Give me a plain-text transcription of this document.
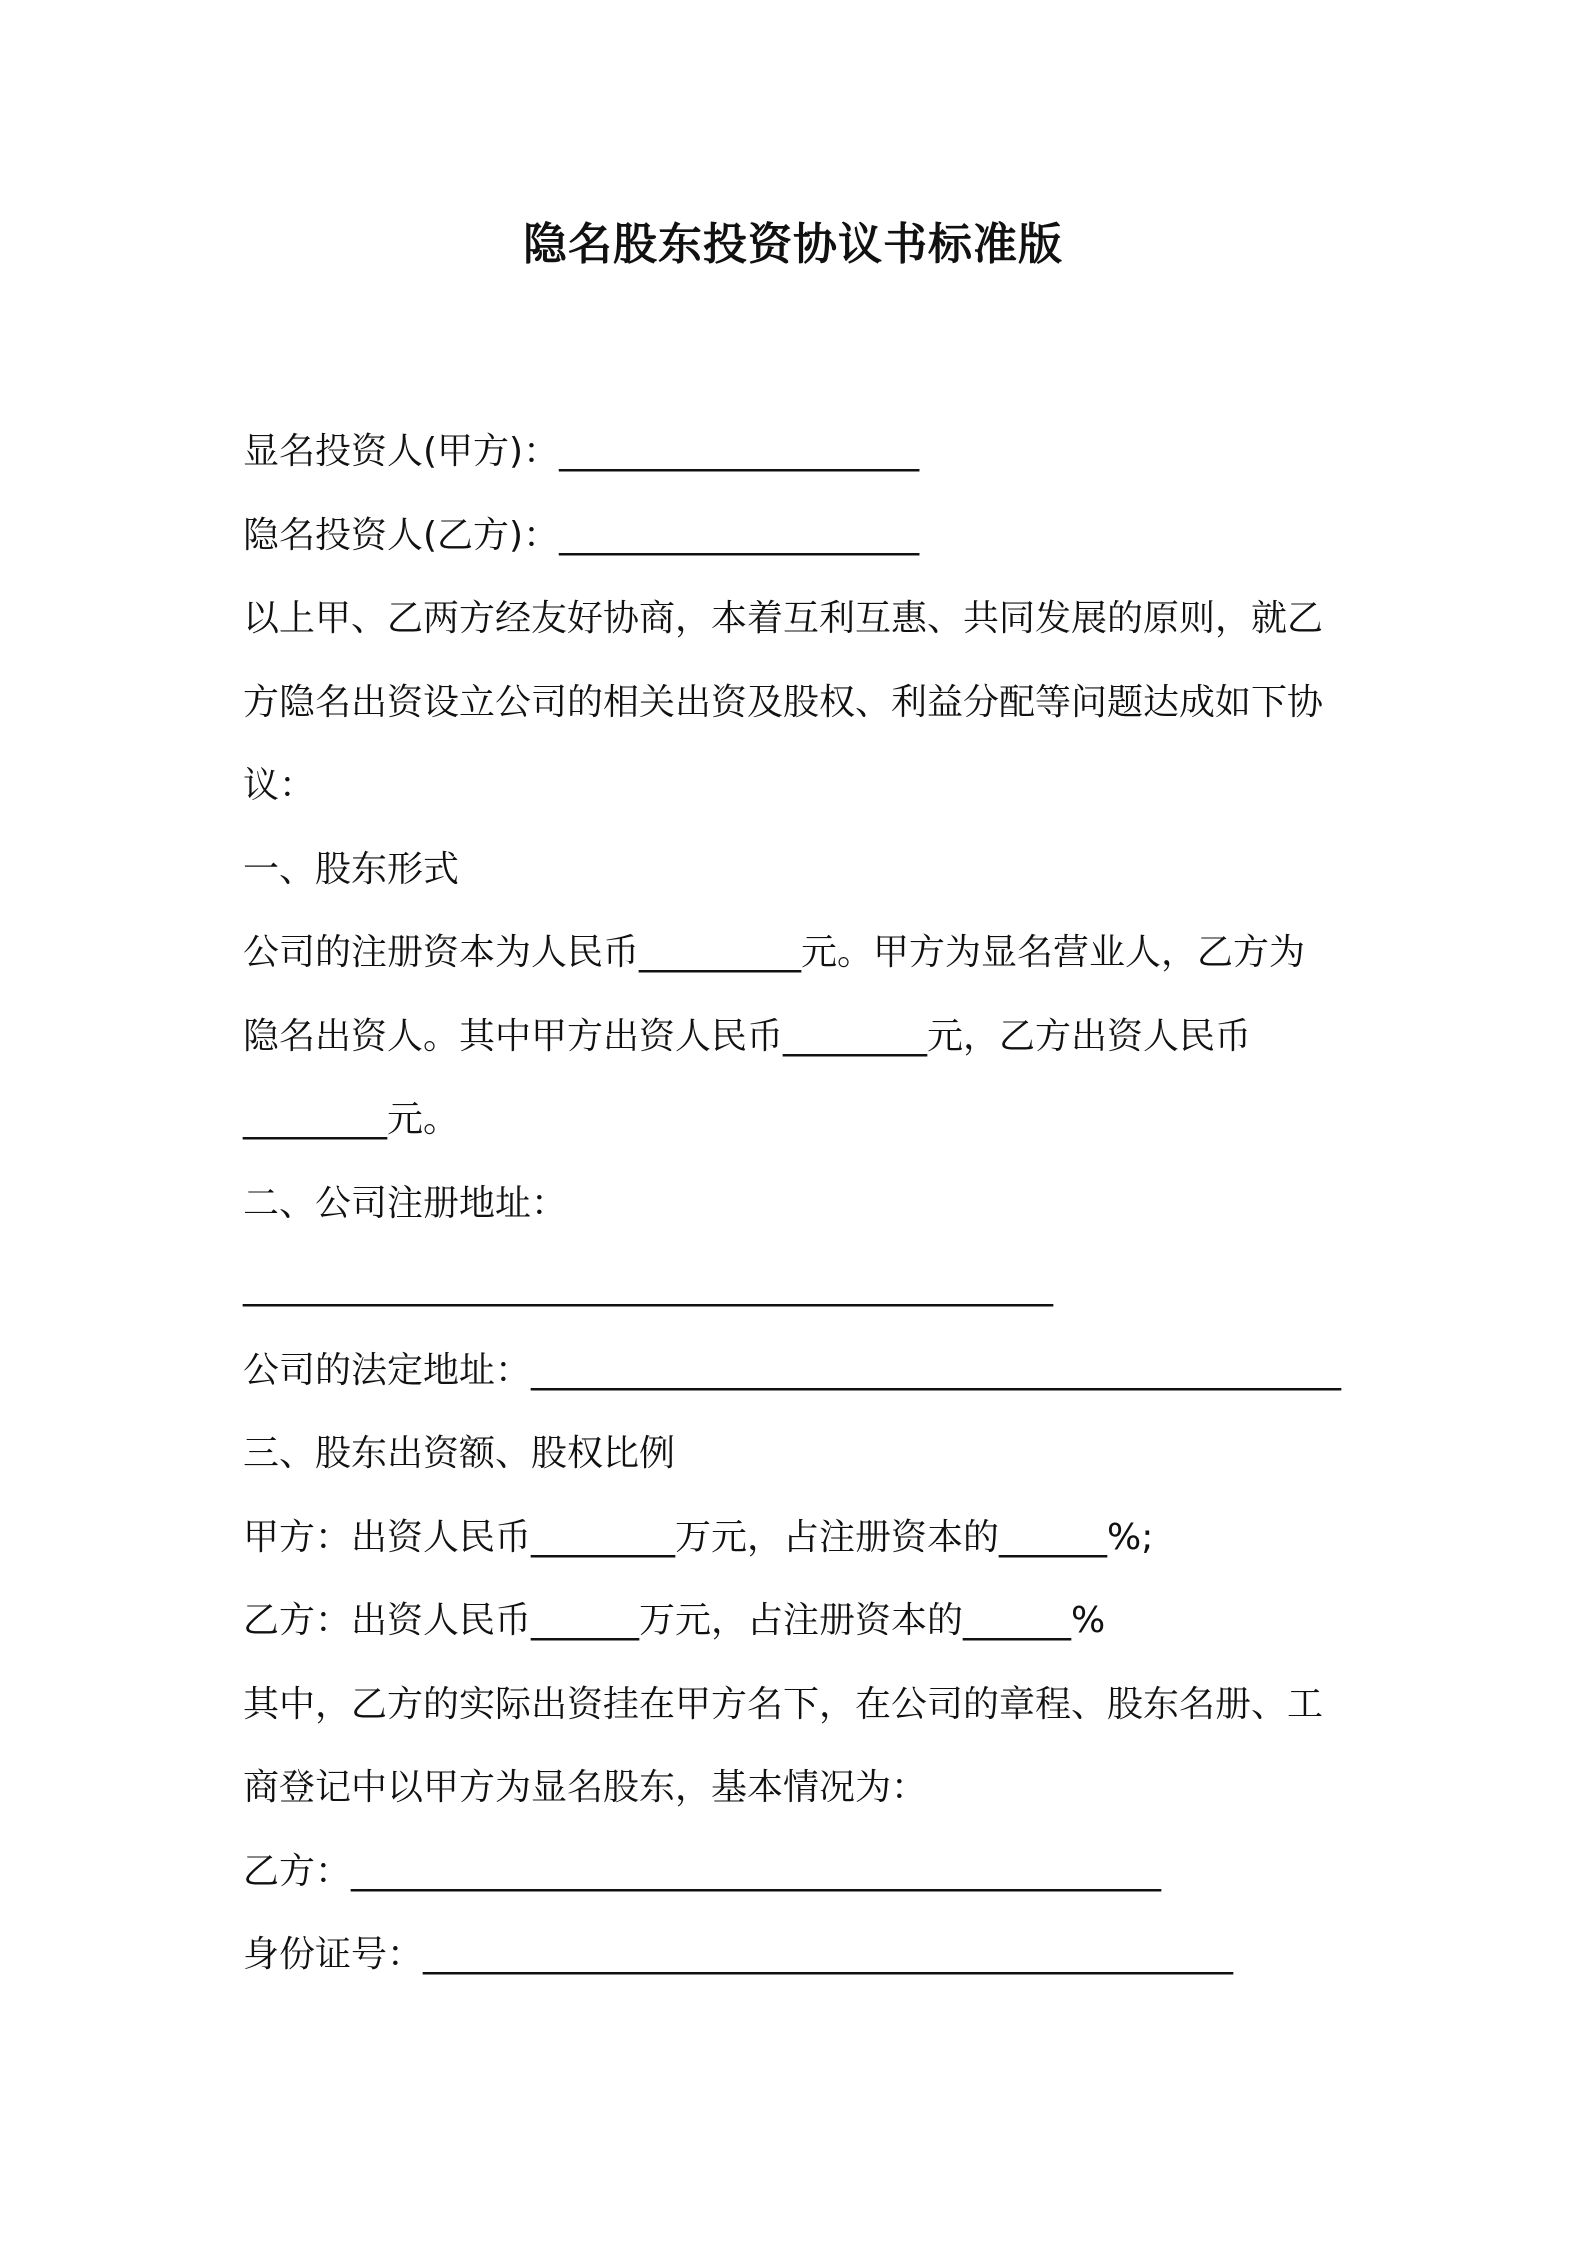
隐名股东投资协议书标准版

显名投资人(甲方)：____________________

隐名投资人(乙方)：____________________

以上甲、乙两方经友好协商，本着互利互惠、共同发展的原则，就乙

方隐名出资设立公司的相关出资及股权、利益分配等问题达成如下协

议：

一、股东形式

公司的注册资本为人民币_________元。甲方为显名营业人，乙方为

隐名出资人。其中甲方出资人民币________元，乙方出资人民币

________元。

二、公司注册地址：

_____________________________________________

公司的法定地址：_____________________________________________

三、股东出资额、股权比例

甲方：出资人民币________万元，占注册资本的______%;

乙方：出资人民币______万元，占注册资本的______%

其中，乙方的实际出资挂在甲方名下，在公司的章程、股东名册、工

商登记中以甲方为显名股东，基本情况为：

乙方：_____________________________________________

身份证号：_____________________________________________
